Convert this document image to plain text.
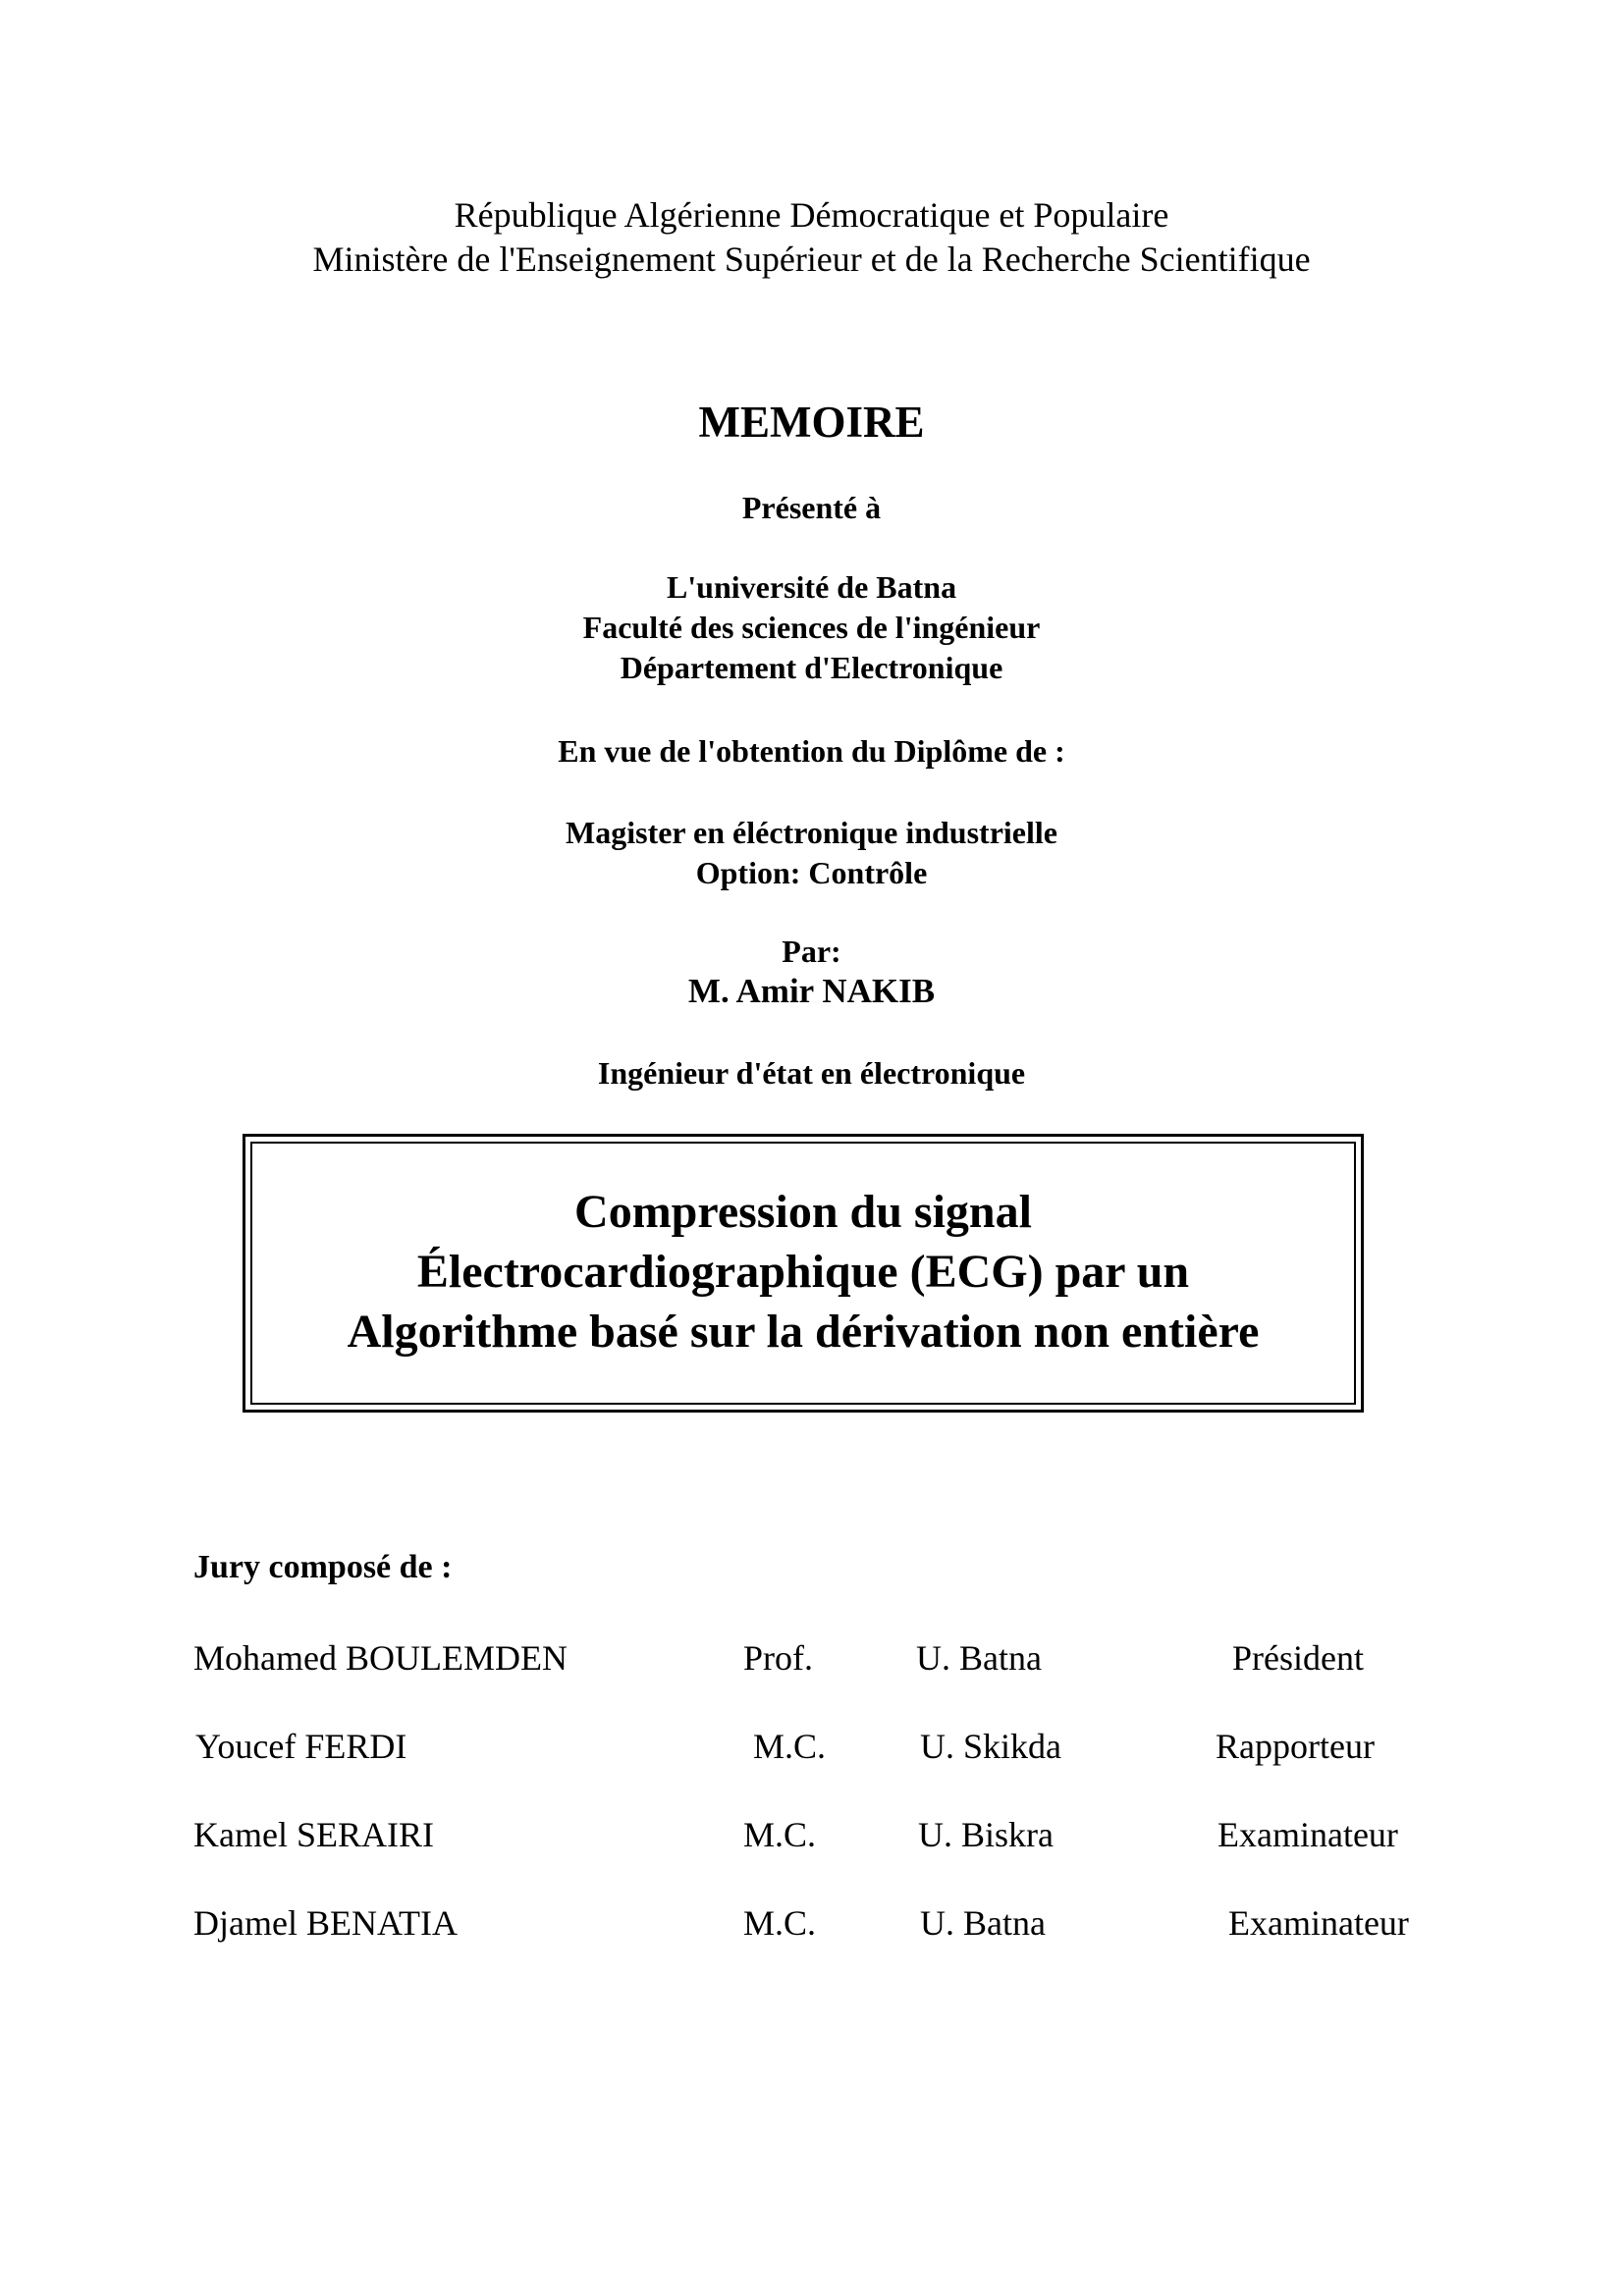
République Algérienne Démocratique et Populaire
Ministère de l'Enseignement Supérieur et de la Recherche Scientifique
MEMOIRE
Présenté à
L'université de Batna
Faculté des sciences de l'ingénieur
Département d'Electronique
En vue de l'obtention du Diplôme de :
Magister en éléctronique industrielle
Option: Contrôle
Par:
M. Amir NAKIB
Ingénieur d'état en électronique
Compression du signal
Électrocardiographique (ECG) par un
Algorithme basé sur la dérivation non entière
Jury composé de :
Mohamed BOULEMDEN	Prof.	U. Batna	Président
Youcef FERDI	M.C.	U. Skikda	Rapporteur
Kamel SERAIRI	M.C.	U. Biskra	Examinateur
Djamel BENATIA	M.C.	U. Batna	Examinateur
